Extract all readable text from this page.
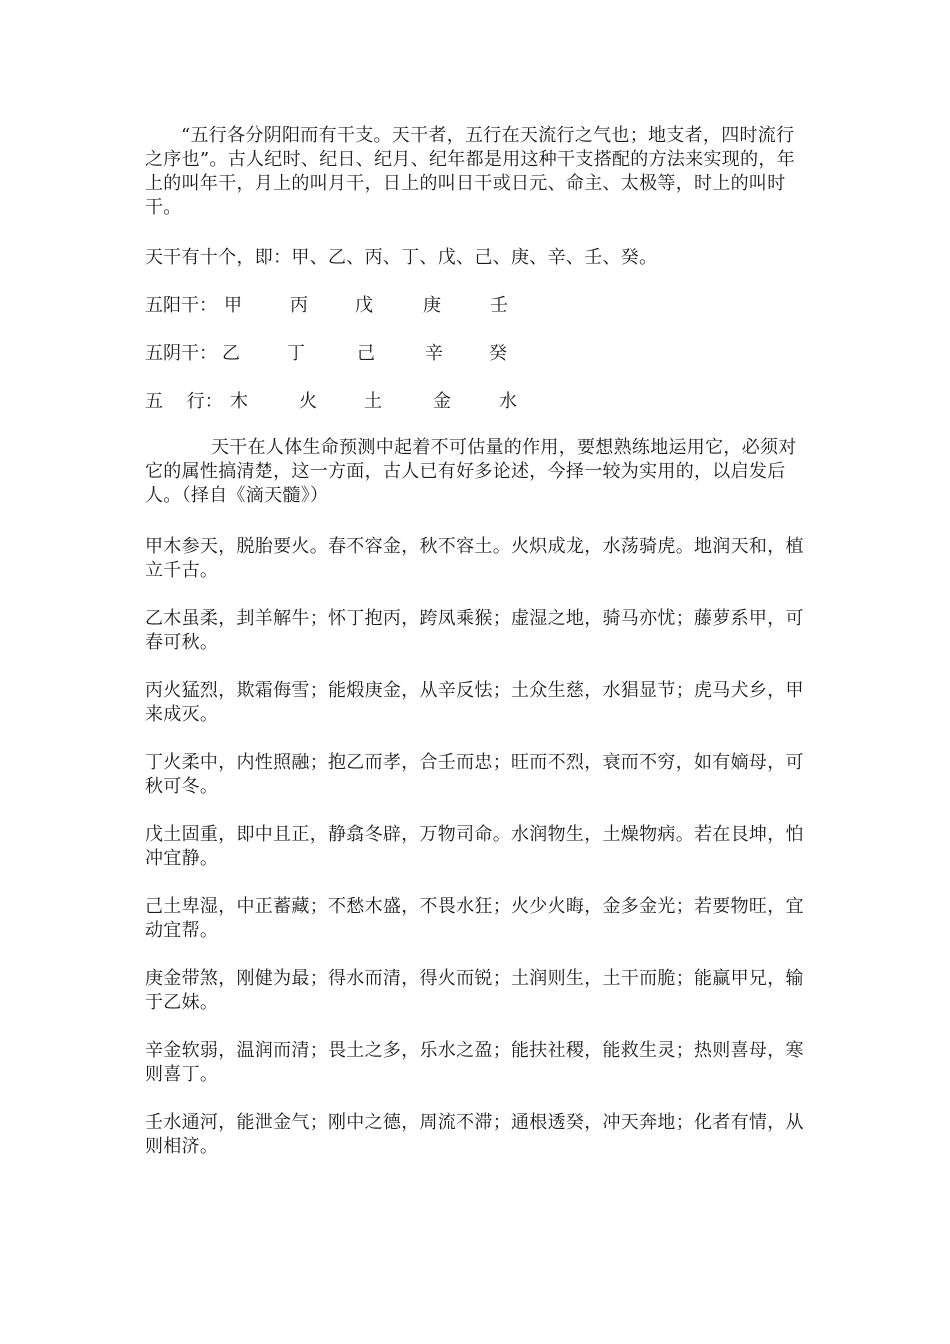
“五行各分阴阳而有干支。天干者，五行在天流行之气也；地支者，四时流行之序也”。古人纪时、纪日、纪月、纪年都是用这种干支搭配的方法来实现的，年上的叫年干，月上的叫月干，日上的叫日干或日元、命主、太极等，时上的叫时干。

天干有十个，即：甲、乙、丙、丁、戊、己、庚、辛、壬、癸。

五阳干： 甲	丙	戊	庚	壬
五阴干： 乙	丁	己	辛	癸
五　 行： 木	火	土	金	水

天干在人体生命预测中起着不可估量的作用，要想熟练地运用它，必须对它的属性搞清楚，这一方面，古人已有好多论述，今择一较为实用的，以启发后人。（择自《滴天髓》）

甲木参天，脱胎要火。春不容金，秋不容土。火炽成龙，水荡骑虎。地润天和，植立千古。

乙木虽柔，刲羊解牛；怀丁抱丙，跨凤乘猴；虚湿之地，骑马亦忧；藤萝系甲，可春可秋。

丙火猛烈，欺霜侮雪；能煅庚金，从辛反怯；土众生慈，水猖显节；虎马犬乡，甲来成灭。

丁火柔中，内性照融；抱乙而孝，合壬而忠；旺而不烈，衰而不穷，如有嫡母，可秋可冬。

戊土固重，即中且正，静翕冬辟，万物司命。水润物生，土燥物病。若在艮坤，怕冲宜静。

己土卑湿，中正蓄藏；不愁木盛，不畏水狂；火少火晦，金多金光；若要物旺，宜动宜帮。

庚金带煞，刚健为最；得水而清，得火而锐；土润则生，土干而脆；能赢甲兄，输于乙妹。

辛金软弱，温润而清；畏土之多，乐水之盈；能扶社稷，能救生灵；热则喜母，寒则喜丁。

壬水通河，能泄金气；刚中之德，周流不滞；通根透癸，冲天奔地；化者有情，从则相济。
